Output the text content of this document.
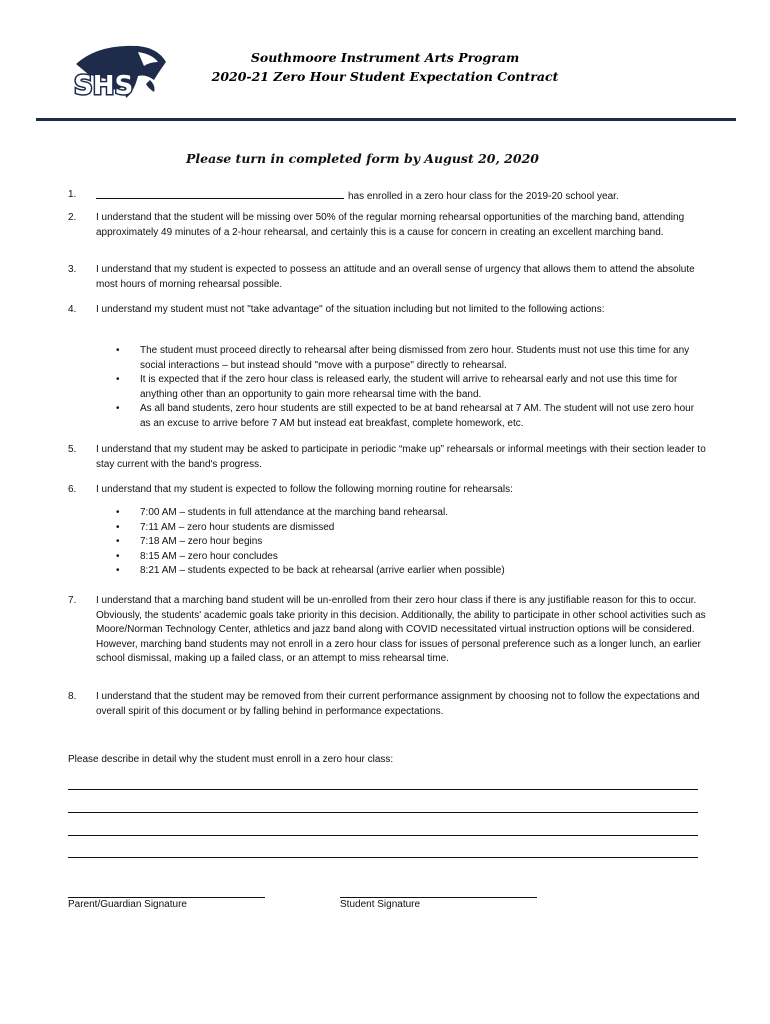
SHS
Southmoore Instrument Arts Program
2020-21 Zero Hour Student Expectation Contract
Please turn in completed form by August 20, 2020
1.	has enrolled in a zero hour class for the 2019-20 school year.
2.	I understand that the student will be missing over 50% of the regular morning rehearsal opportunities of the marching band, attending approximately 49 minutes of a 2-hour rehearsal, and certainly this is a cause for concern in creating an excellent marching band.
3.	I understand that my student is expected to possess an attitude and an overall sense of urgency that allows them to attend the absolute most hours of morning rehearsal possible.
4.	I understand my student must not "take advantage" of the situation including but not limited to the following actions:
• The student must proceed directly to rehearsal after being dismissed from zero hour. Students must not use this time for any social interactions – but instead should "move with a purpose" directly to rehearsal.
• It is expected that if the zero hour class is released early, the student will arrive to rehearsal early and not use this time for anything other than an opportunity to gain more rehearsal time with the band.
• As all band students, zero hour students are still expected to be at band rehearsal at 7 AM. The student will not use zero hour as an excuse to arrive before 7 AM but instead eat breakfast, complete homework, etc.
5.	I understand that my student may be asked to participate in periodic “make up” rehearsals or informal meetings with their section leader to stay current with the band's progress.
6.	I understand that my student is expected to follow the following morning routine for rehearsals:
• 7:00 AM – students in full attendance at the marching band rehearsal.
• 7:11 AM – zero hour students are dismissed
• 7:18 AM – zero hour begins
• 8:15 AM – zero hour concludes
• 8:21 AM – students expected to be back at rehearsal (arrive earlier when possible)
7.	I understand that a marching band student will be un-enrolled from their zero hour class if there is any justifiable reason for this to occur. Obviously, the students' academic goals take priority in this decision. Additionally, the ability to participate in other school activities such as Moore/Norman Technology Center, athletics and jazz band along with COVID necessitated virtual instruction options will be considered. However, marching band students may not enroll in a zero hour class for issues of personal preference such as a longer lunch, an earlier school dismissal, making up a failed class, or an attempt to miss rehearsal time.
8.	I understand that the student may be removed from their current performance assignment by choosing not to follow the expectations and overall spirit of this document or by falling behind in performance expectations.
Please describe in detail why the student must enroll in a zero hour class:
Parent/Guardian Signature	Student Signature
